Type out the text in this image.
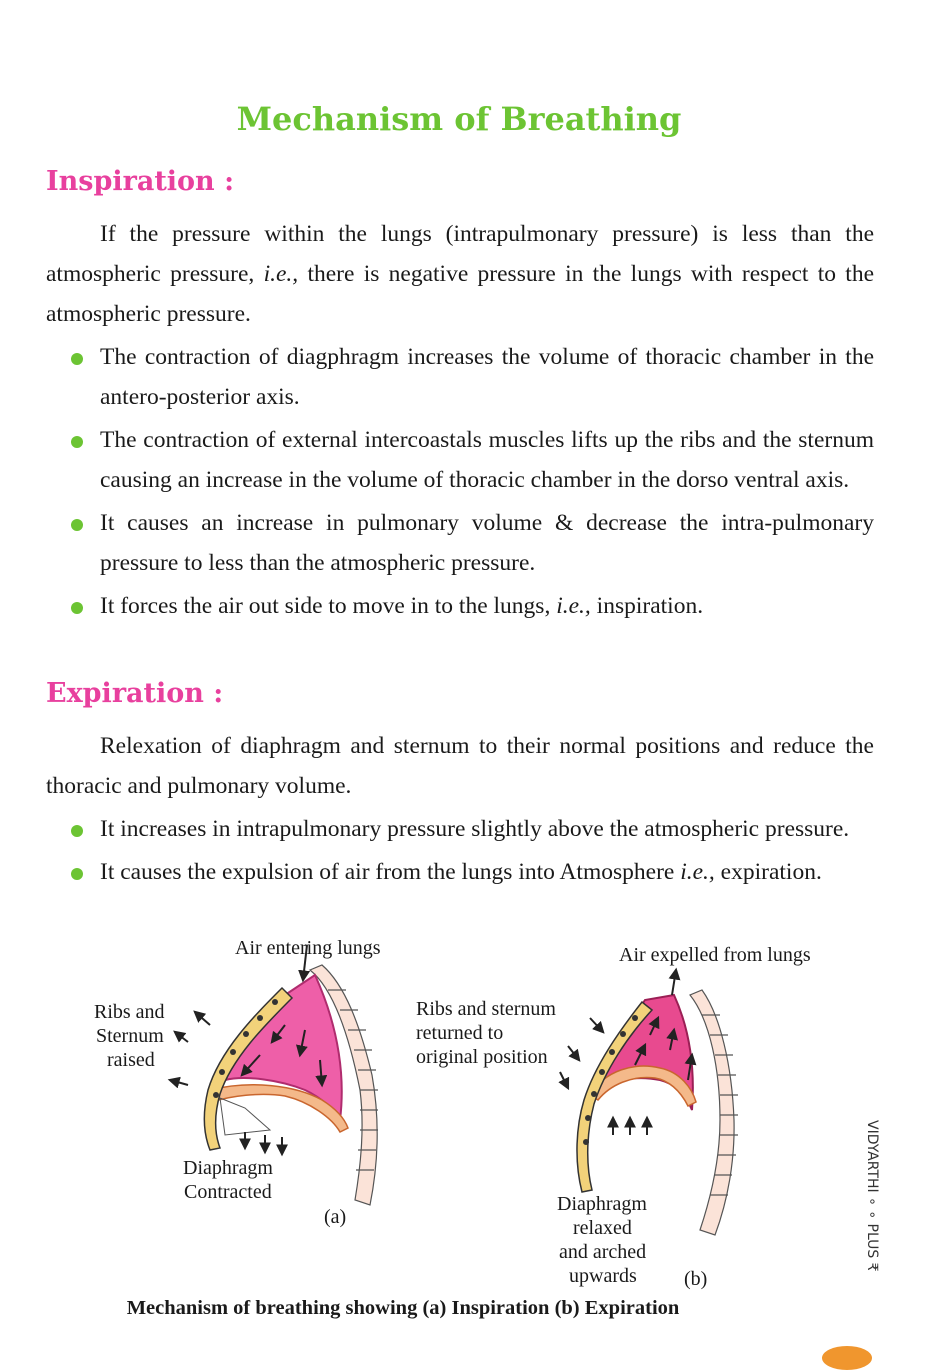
Mechanism of Breathing
Inspiration :

If the pressure within the lungs (intrapulmonary pressure) is less than the atmospheric pressure, i.e., there is negative pressure in the lungs with respect to the atmospheric pressure.

The contraction of diagphragm increases the volume of thoracic chamber in the antero-posterior axis.
The contraction of external intercoastals muscles lifts up the ribs and the sternum causing an increase in the volume of thoracic chamber in the dorso ventral axis.
It causes an increase in pulmonary volume & decrease the intra-pulmonary pressure to less than the atmospheric pressure.
It forces the air out side to move in to the lungs, i.e., inspiration.
Expiration :

Relexation of diaphragm and sternum to their normal positions and reduce the thoracic and pulmonary volume.

It increases in intrapulmonary pressure slightly above the atmospheric pressure.
It causes the expulsion of air from the lungs into Atmosphere i.e., expiration.

Air entering lungs

Ribs and

Sternum

raised

Diaphragm

Contracted

(a)

Air expelled from lungs

Ribs and sternum

returned to

original position

Diaphragm

relaxed

and arched

upwards (b)

Mechanism of breathing showing (a) Inspiration (b) Expiration

VIDYARTHI ∘ ∘ PLUS ₹
